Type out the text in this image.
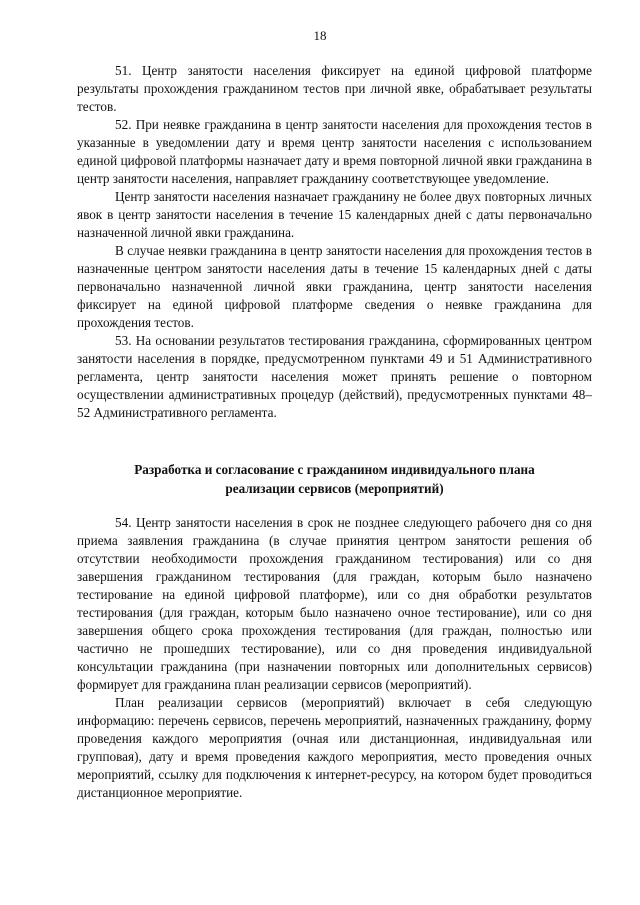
18

51. Центр занятости населения фиксирует на единой цифровой платформе результаты прохождения гражданином тестов при личной явке, обрабатывает результаты тестов.

52. При неявке гражданина в центр занятости населения для прохождения тестов в указанные в уведомлении дату и время центр занятости населения с использованием единой цифровой платформы назначает дату и время повторной личной явки гражданина в центр занятости населения, направляет гражданину соответствующее уведомление.

Центр занятости населения назначает гражданину не более двух повторных личных явок в центр занятости населения в течение 15 календарных дней с даты первоначально назначенной личной явки гражданина.

В случае неявки гражданина в центр занятости населения для прохождения тестов в назначенные центром занятости населения даты в течение 15 календарных дней с даты первоначально назначенной личной явки гражданина, центр занятости населения фиксирует на единой цифровой платформе сведения о неявке гражданина для прохождения тестов.

53. На основании результатов тестирования гражданина, сформированных центром занятости населения в порядке, предусмотренном пунктами 49 и 51 Административного регламента, центр занятости населения может принять решение о повторном осуществлении административных процедур (действий), предусмотренных пунктами 48–52 Административного регламента.

Разработка и согласование с гражданином индивидуального плана
реализации сервисов (мероприятий)

54. Центр занятости населения в срок не позднее следующего рабочего дня со дня приема заявления гражданина (в случае принятия центром занятости решения об отсутствии необходимости прохождения гражданином тестирования) или со дня завершения гражданином тестирования (для граждан, которым было назначено тестирование на единой цифровой платформе), или со дня обработки результатов тестирования (для граждан, которым было назначено очное тестирование), или со дня завершения общего срока прохождения тестирования (для граждан, полностью или частично не прошедших тестирование), или со дня проведения индивидуальной консультации гражданина (при назначении повторных или дополнительных сервисов) формирует для гражданина план реализации сервисов (мероприятий).

План реализации сервисов (мероприятий) включает в себя следующую информацию: перечень сервисов, перечень мероприятий, назначенных гражданину, форму проведения каждого мероприятия (очная или дистанционная, индивидуальная или групповая), дату и время проведения каждого мероприятия, место проведения очных мероприятий, ссылку для подключения к интернет-ресурсу, на котором будет проводиться дистанционное мероприятие.
